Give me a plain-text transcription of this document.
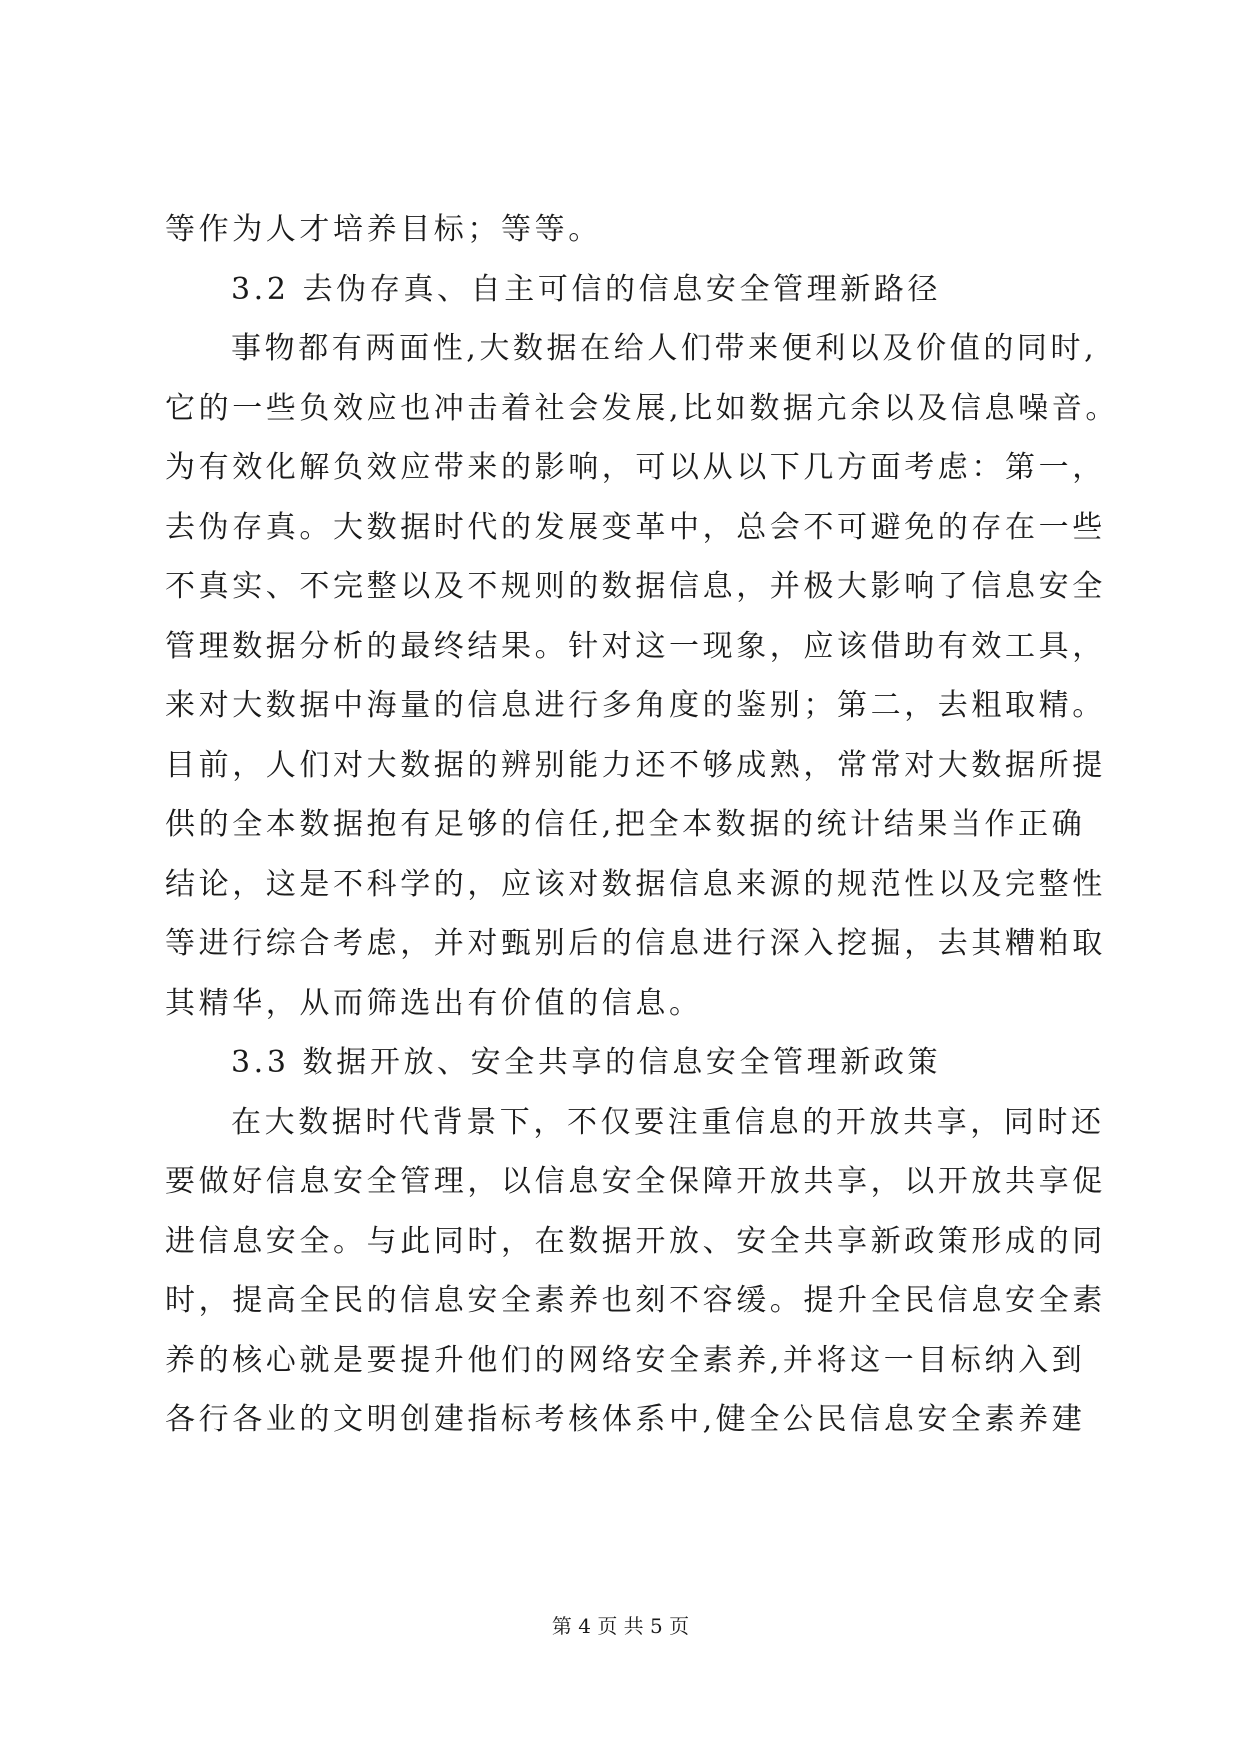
等作为人才培养目标；等等。
3.2 去伪存真、自主可信的信息安全管理新路径
事物都有两面性,大数据在给人们带来便利以及价值的同时,
它的一些负效应也冲击着社会发展,比如数据亢余以及信息噪音。
为有效化解负效应带来的影响，可以从以下几方面考虑：第一，
去伪存真。大数据时代的发展变革中，总会不可避免的存在一些
不真实、不完整以及不规则的数据信息，并极大影响了信息安全
管理数据分析的最终结果。针对这一现象，应该借助有效工具，
来对大数据中海量的信息进行多角度的鉴别；第二，去粗取精。
目前，人们对大数据的辨别能力还不够成熟，常常对大数据所提
供的全本数据抱有足够的信任,把全本数据的统计结果当作正确
结论，这是不科学的，应该对数据信息来源的规范性以及完整性
等进行综合考虑，并对甄别后的信息进行深入挖掘，去其糟粕取
其精华，从而筛选出有价值的信息。
3.3 数据开放、安全共享的信息安全管理新政策
在大数据时代背景下，不仅要注重信息的开放共享，同时还
要做好信息安全管理，以信息安全保障开放共享，以开放共享促
进信息安全。与此同时，在数据开放、安全共享新政策形成的同
时，提高全民的信息安全素养也刻不容缓。提升全民信息安全素
养的核心就是要提升他们的网络安全素养,并将这一目标纳入到
各行各业的文明创建指标考核体系中,健全公民信息安全素养建
第 4 页 共 5 页
